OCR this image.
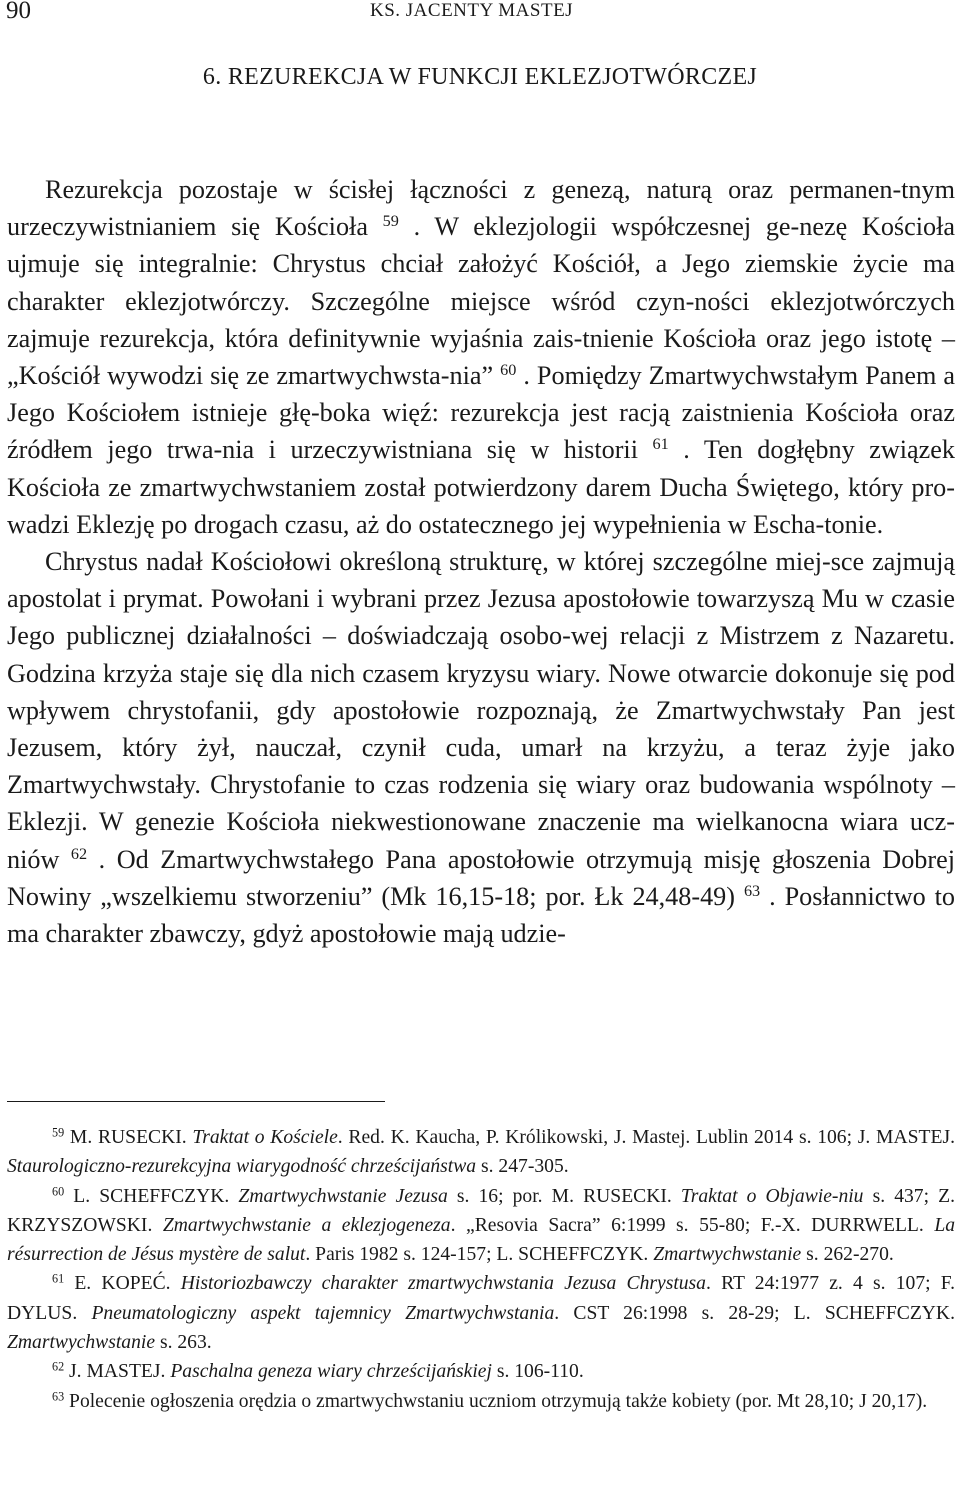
90	KS. JACENTY MASTEJ
6. REZUREKCJA W FUNKCJI EKLEZJOTWÓRCZEJ

Rezurekcja pozostaje w ścisłej łączności z genezą, naturą oraz permanen-tnym urzeczywistnianiem się Kościoła $^{59}$ . W eklezjologii współczesnej ge-nezę Kościoła ujmuje się integralnie: Chrystus chciał założyć Kościół, a Jego ziemskie życie ma charakter eklezjotwórczy. Szczególne miejsce wśród czyn-ności eklezjotwórczych zajmuje rezurekcja, która definitywnie wyjaśnia zais-tnienie Kościoła oraz jego istotę – „Kościół wywodzi się ze zmartwychwsta-nia” $^{60}$ . Pomiędzy Zmartwychwstałym Panem a Jego Kościołem istnieje głę-boka więź: rezurekcja jest racją zaistnienia Kościoła oraz źródłem jego trwa-nia i urzeczywistniana się w historii $^{61}$ . Ten dogłębny związek Kościoła ze zmartwychwstaniem został potwierdzony darem Ducha Świętego, który pro-wadzi Eklezję po drogach czasu, aż do ostatecznego jej wypełnienia w Escha-tonie.

Chrystus nadał Kościołowi określoną strukturę, w której szczególne miej-sce zajmują apostolat i prymat. Powołani i wybrani przez Jezusa apostołowie towarzyszą Mu w czasie Jego publicznej działalności – doświadczają osobo-wej relacji z Mistrzem z Nazaretu. Godzina krzyża staje się dla nich czasem kryzysu wiary. Nowe otwarcie dokonuje się pod wpływem chrystofanii, gdy apostołowie rozpoznają, że Zmartwychwstały Pan jest Jezusem, który żył, nauczał, czynił cuda, umarł na krzyżu, a teraz żyje jako Zmartwychwstały. Chrystofanie to czas rodzenia się wiary oraz budowania wspólnoty – Eklezji. W genezie Kościoła niekwestionowane znaczenie ma wielkanocna wiara ucz-niów $^{62}$ . Od Zmartwychwstałego Pana apostołowie otrzymują misję głoszenia Dobrej Nowiny „wszelkiemu stworzeniu” (Mk 16,15-18; por. Łk 24,48-49) $^{63}$ . Posłannictwo to ma charakter zbawczy, gdyż apostołowie mają udzie-

$^{59}$ M. RUSECKI. Traktat o Kościele. Red. K. Kaucha, P. Królikowski, J. Mastej. Lublin 2014 s. 106; J. MASTEJ. Staurologiczno-rezurekcyjna wiarygodność chrześcijaństwa s. 247-305.

$^{60}$ L. SCHEFFCZYK. Zmartwychwstanie Jezusa s. 16; por. M. RUSECKI. Traktat o Objawie-niu s. 437; Z. KRZYSZOWSKI. Zmartwychwstanie a eklezjogeneza. „Resovia Sacra” 6:1999 s. 55-80; F.-X. DURRWELL. La résurrection de Jésus mystère de salut. Paris 1982 s. 124-157; L. SCHEFFCZYK. Zmartwychwstanie s. 262-270.

$^{61}$ E. KOPEĆ. Historiozbawczy charakter zmartwychwstania Jezusa Chrystusa. RT 24:1977 z. 4 s. 107; F. DYLUS. Pneumatologiczny aspekt tajemnicy Zmartwychwstania. CST 26:1998 s. 28-29; L. SCHEFFCZYK. Zmartwychwstanie s. 263.

$^{62}$ J. MASTEJ. Paschalna geneza wiary chrześcijańskiej s. 106-110.

$^{63}$ Polecenie ogłoszenia orędzia o zmartwychwstaniu uczniom otrzymują także kobiety (por. Mt 28,10; J 20,17).
